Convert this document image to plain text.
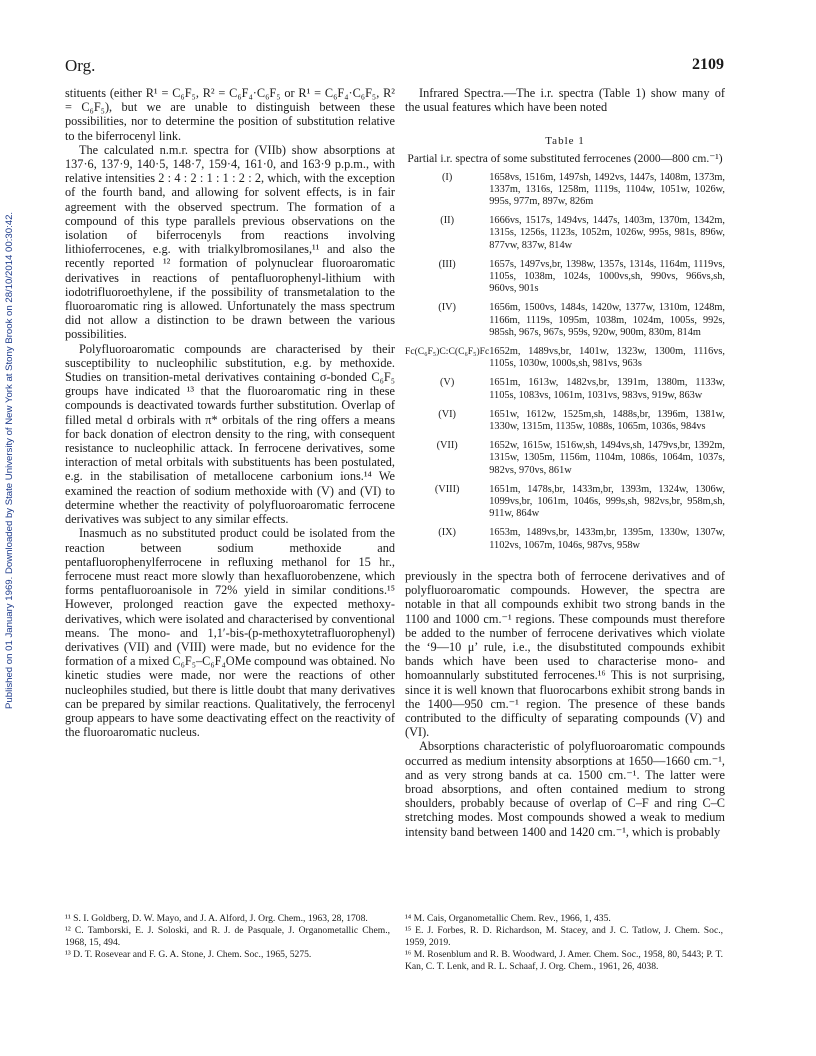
Published on 01 January 1969. Downloaded by State University of New York at Stony Brook on 28/10/2014 00:30:42.
Org.	2109

stituents (either R¹ = C₆F₅, R² = C₆F₄·C₆F₅ or R¹ = C₆F₄·C₆F₅, R² = C₆F₅), but we are unable to distinguish between these possibilities, nor to determine the position of substitution relative to the biferrocenyl link.

The calculated n.m.r. spectra for (VIIb) show absorptions at 137·6, 137·9, 140·5, 148·7, 159·4, 161·0, and 163·9 p.p.m., with relative intensities 2 : 4 : 2 : 1 : 1 : 2 : 2, which, with the exception of the fourth band, and allowing for solvent effects, is in fair agreement with the observed spectrum. The formation of a compound of this type parallels previous observations on the isolation of biferrocenyls from reactions involving lithioferrocenes, e.g. with trialkylbromosilanes,¹¹ and also the recently reported ¹² formation of polynuclear fluoroaromatic derivatives in reactions of pentafluorophenyl-lithium with iodotrifluoroethylene, if the possibility of transmetalation to the fluoroaromatic ring is allowed. Unfortunately the mass spectrum did not allow a distinction to be drawn between the various possibilities.

Polyfluoroaromatic compounds are characterised by their susceptibility to nucleophilic substitution, e.g. by methoxide. Studies on transition-metal derivatives containing σ-bonded C₆F₅ groups have indicated ¹³ that the fluoroaromatic ring in these compounds is deactivated towards further substitution. Overlap of filled metal d orbirals with π* orbitals of the ring offers a means for back donation of electron density to the ring, with consequent resistance to nucleophilic attack. In ferrocene derivatives, some interaction of metal orbitals with substituents has been postulated, e.g. in the stabilisation of metallocene carbonium ions.¹⁴ We examined the reaction of sodium methoxide with (V) and (VI) to determine whether the reactivity of polyfluoroaromatic ferrocene derivatives was subject to any similar effects.

Inasmuch as no substituted product could be isolated from the reaction between sodium methoxide and pentafluorophenylferrocene in refluxing methanol for 15 hr., ferrocene must react more slowly than hexafluorobenzene, which forms pentafluoroanisole in 72% yield in similar conditions.¹⁵ However, prolonged reaction gave the expected methoxy-derivatives, which were isolated and characterised by conventional means. The mono- and 1,1′-bis-(p-methoxytetrafluorophenyl) derivatives (VII) and (VIII) were made, but no evidence for the formation of a mixed C₆F₅–C₆F₄OMe compound was obtained. No kinetic studies were made, nor were the reactions of other nucleophiles studied, but there is little doubt that many derivatives can be prepared by similar reactions. Qualitatively, the ferrocenyl group appears to have some deactivating effect on the reactivity of the fluoroaromatic nucleus.

Infrared Spectra.—The i.r. spectra (Table 1) show many of the usual features which have been noted

Table 1
Partial i.r. spectra of some substituted ferrocenes (2000—800 cm.⁻¹)
(I)	1658vs, 1516m, 1497sh, 1492vs, 1447s, 1408m, 1373m, 1337m, 1316s, 1258m, 1119s, 1104w, 1051w, 1026w, 995s, 977m, 897w, 826m
(II)	1666vs, 1517s, 1494vs, 1447s, 1403m, 1370m, 1342m, 1315s, 1256s, 1123s, 1052m, 1026w, 995s, 981s, 896w, 877vw, 837w, 814w
(III)	1657s, 1497vs,br, 1398w, 1357s, 1314s, 1164m, 1119vs, 1105s, 1038m, 1024s, 1000vs,sh, 990vs, 966vs,sh, 960vs, 901s
(IV)	1656m, 1500vs, 1484s, 1420w, 1377w, 1310m, 1248m, 1166m, 1119s, 1095m, 1038m, 1024m, 1005s, 992s, 985sh, 967s, 967s, 959s, 920w, 900m, 830m, 814m
Fc(C₆F₅)C:C(C₆F₅)Fc	1652m, 1489vs,br, 1401w, 1323w, 1300m, 1116vs, 1105s, 1030w, 1000s,sh, 981vs, 963s
(V)	1651m, 1613w, 1482vs,br, 1391m, 1380m, 1133w, 1105s, 1083vs, 1061m, 1031vs, 983vs, 919w, 863w
(VI)	1651w, 1612w, 1525m,sh, 1488s,br, 1396m, 1381w, 1330w, 1315m, 1135w, 1088s, 1065m, 1036s, 984vs
(VII)	1652w, 1615w, 1516w,sh, 1494vs,sh, 1479vs,br, 1392m, 1315w, 1305m, 1156m, 1104m, 1086s, 1064m, 1037s, 982vs, 970vs, 861w
(VIII)	1651m, 1478s,br, 1433m,br, 1393m, 1324w, 1306w, 1099vs,br, 1061m, 1046s, 999s,sh, 982vs,br, 958m,sh, 911w, 864w
(IX)	1653m, 1489vs,br, 1433m,br, 1395m, 1330w, 1307w, 1102vs, 1067m, 1046s, 987vs, 958w

previously in the spectra both of ferrocene derivatives and of polyfluoroaromatic compounds. However, the spectra are notable in that all compounds exhibit two strong bands in the 1100 and 1000 cm.⁻¹ regions. These compounds must therefore be added to the number of ferrocene derivatives which violate the ‘9—10 μ’ rule, i.e., the disubstituted compounds exhibit bands which have been used to characterise mono- and homoannularly substituted ferrocenes.¹⁶ This is not surprising, since it is well known that fluorocarbons exhibit strong bands in the 1400—950 cm.⁻¹ region. The presence of these bands contributed to the difficulty of separating compounds (V) and (VI).

Absorptions characteristic of polyfluoroaromatic compounds occurred as medium intensity absorptions at 1650—1660 cm.⁻¹, and as very strong bands at ca. 1500 cm.⁻¹. The latter were broad absorptions, and often contained medium to strong shoulders, probably because of overlap of C–F and ring C–C stretching modes. Most compounds showed a weak to medium intensity band between 1400 and 1420 cm.⁻¹, which is probably

¹¹ S. I. Goldberg, D. W. Mayo, and J. A. Alford, J. Org. Chem., 1963, 28, 1708.

¹² C. Tamborski, E. J. Soloski, and R. J. de Pasquale, J. Organometallic Chem., 1968, 15, 494.

¹³ D. T. Rosevear and F. G. A. Stone, J. Chem. Soc., 1965, 5275.

¹⁴ M. Cais, Organometallic Chem. Rev., 1966, 1, 435.

¹⁵ E. J. Forbes, R. D. Richardson, M. Stacey, and J. C. Tatlow, J. Chem. Soc., 1959, 2019.

¹⁶ M. Rosenblum and R. B. Woodward, J. Amer. Chem. Soc., 1958, 80, 5443; P. T. Kan, C. T. Lenk, and R. L. Schaaf, J. Org. Chem., 1961, 26, 4038.
